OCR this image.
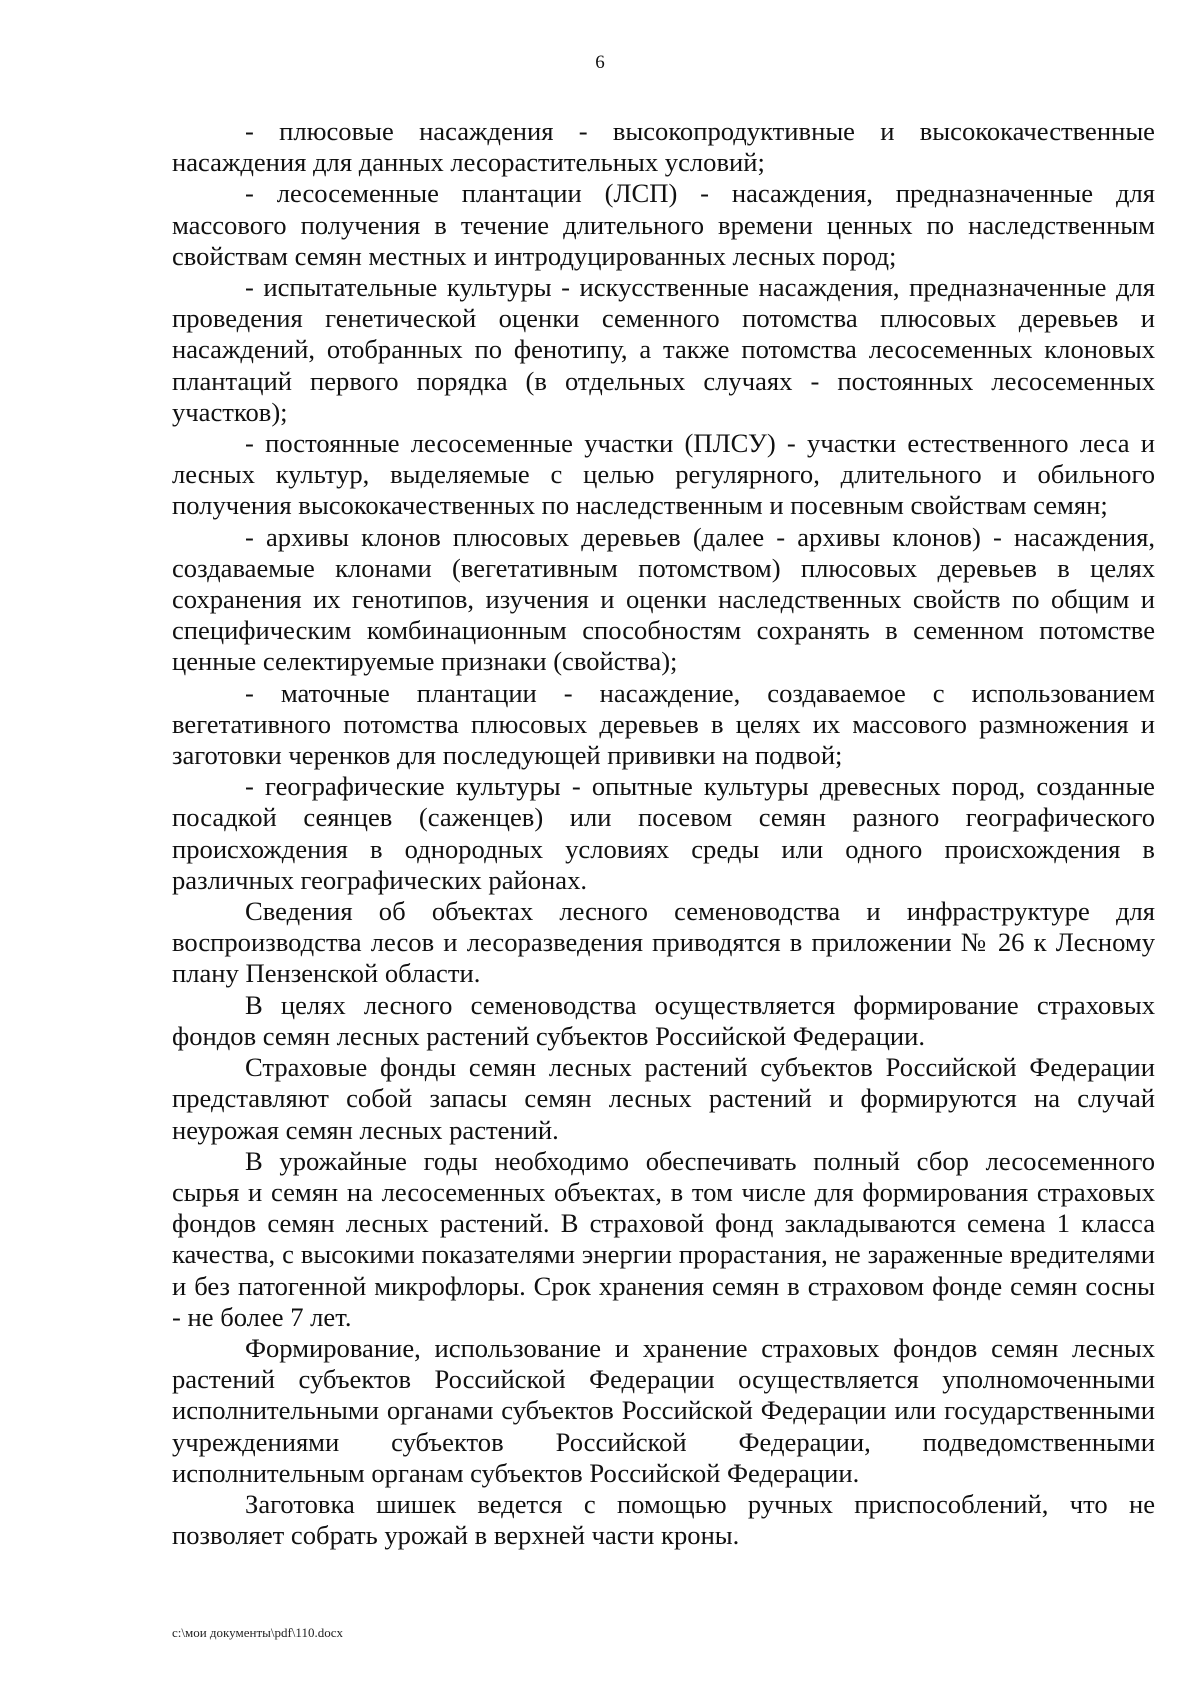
6

- плюсовые насаждения - высокопродуктивные и высококачественные насаждения для данных лесорастительных условий;

- лесосеменные плантации (ЛСП) - насаждения, предназначенные для массового получения в течение длительного времени ценных по наследственным свойствам семян местных и интродуцированных лесных пород;

- испытательные культуры - искусственные насаждения, предназначенные для проведения генетической оценки семенного потомства плюсовых деревьев и насаждений, отобранных по фенотипу, а также потомства лесосеменных клоновых плантаций первого порядка (в отдельных случаях - постоянных лесосеменных участков);

- постоянные лесосеменные участки (ПЛСУ) - участки естественного леса и лесных культур, выделяемые с целью регулярного, длительного и обильного получения высококачественных по наследственным и посевным свойствам семян;

- архивы клонов плюсовых деревьев (далее - архивы клонов) - насаждения, создаваемые клонами (вегетативным потомством) плюсовых деревьев в целях сохранения их генотипов, изучения и оценки наследственных свойств по общим и специфическим комбинационным способностям сохранять в семенном потомстве ценные селектируемые признаки (свойства);

- маточные плантации - насаждение, создаваемое с использованием вегетативного потомства плюсовых деревьев в целях их массового размножения и заготовки черенков для последующей прививки на подвой;

- географические культуры - опытные культуры древесных пород, созданные посадкой сеянцев (саженцев) или посевом семян разного географического происхождения в однородных условиях среды или одного происхождения в различных географических районах.

Сведения об объектах лесного семеноводства и инфраструктуре для воспроизводства лесов и лесоразведения приводятся в приложении № 26 к Лесному плану Пензенской области.

В целях лесного семеноводства осуществляется формирование страховых фондов семян лесных растений субъектов Российской Федерации.

Страховые фонды семян лесных растений субъектов Российской Федерации представляют собой запасы семян лесных растений и формируются на случай неурожая семян лесных растений.

В урожайные годы необходимо обеспечивать полный сбор лесосеменного сырья и семян на лесосеменных объектах, в том числе для формирования страховых фондов семян лесных растений. В страховой фонд закладываются семена 1 класса качества, с высокими показателями энергии прорастания, не зараженные вредителями и без патогенной микрофлоры. Срок хранения семян в страховом фонде семян сосны - не более 7 лет.

Формирование, использование и хранение страховых фондов семян лесных растений субъектов Российской Федерации осуществляется уполномоченными исполнительными органами субъектов Российской Федерации или государственными учреждениями субъектов Российской Федерации, подведомственными исполнительным органам субъектов Российской Федерации.

Заготовка шишек ведется с помощью ручных приспособлений, что не позволяет собрать урожай в верхней части кроны.

c:\мои документы\pdf\110.docx
